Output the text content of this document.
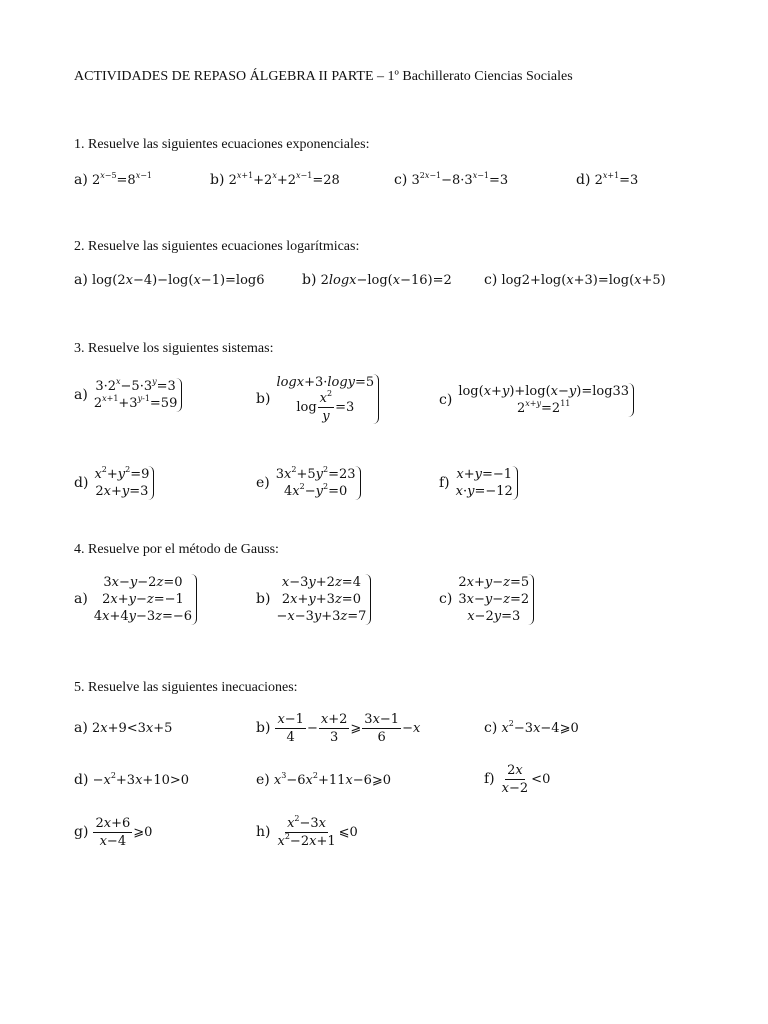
ACTIVIDADES DE REPASO ÁLGEBRA II PARTE – 1º Bachillerato Ciencias Sociales
1. Resuelve las siguientes ecuaciones exponenciales:
a) $2^{x-5}=8^{x-1}$	b) $2^{x+1}+2^x+2^{x-1}=28$	c) $3^{2x-1}-8\cdot 3^{x-1}=3$	d) $2^{x+1}=3$
2. Resuelve las siguientes ecuaciones logarítmicas:
a) log(2x−4)−log(x−1)=log6	b) 2logx−log(x−16)=2 c) log2+log(x+3)=log(x+5)
3. Resuelve los siguientes sistemas:
a) $3\cdot 2^x-5\cdot 3^y=3$
$2^{x+1}+3^{y-1}=59$	b)
logx+3·logy=5
$\log \frac{x^2}{y} =3$	c) log(x+y)+log(x−y)=log33
$2^{x+y}=2^{11}$
d) $x^2+y^2=9$
2x+y=3
e) $3x^2+5y^2=23$
$4x^2-y^2=0$
f) x+y=−1
x·y=−12
4. Resuelve por el método de Gauss:
a)
3x−y−2z=0
2x+y−z=−1
4x+4y−3z=−6
b)
x−3y+2z=4
2x+y+3z=0
−x−3y+3z=7
c)
2x+y−z=5
3x−y−z=2
x−2y=3
5. Resuelve las siguientes inecuaciones:
a) 2x+9<3x+5	$b) \frac{x-1}{4} - \frac{x+2}{3}$ ⩾ $\frac{3x-1}{6} - x$	c) $x^2-3x-4⩾0$
$d) -x^2+3x+10>0$	e) $x^3-6x^2+11x-6⩾0$	$f) \frac{2x}{x-2} <0$
$g) \frac{2x+6}{x-4}$ ⩾0	$h) \frac{x^2-3x}{x^2-2x+1}$ ⩽0
